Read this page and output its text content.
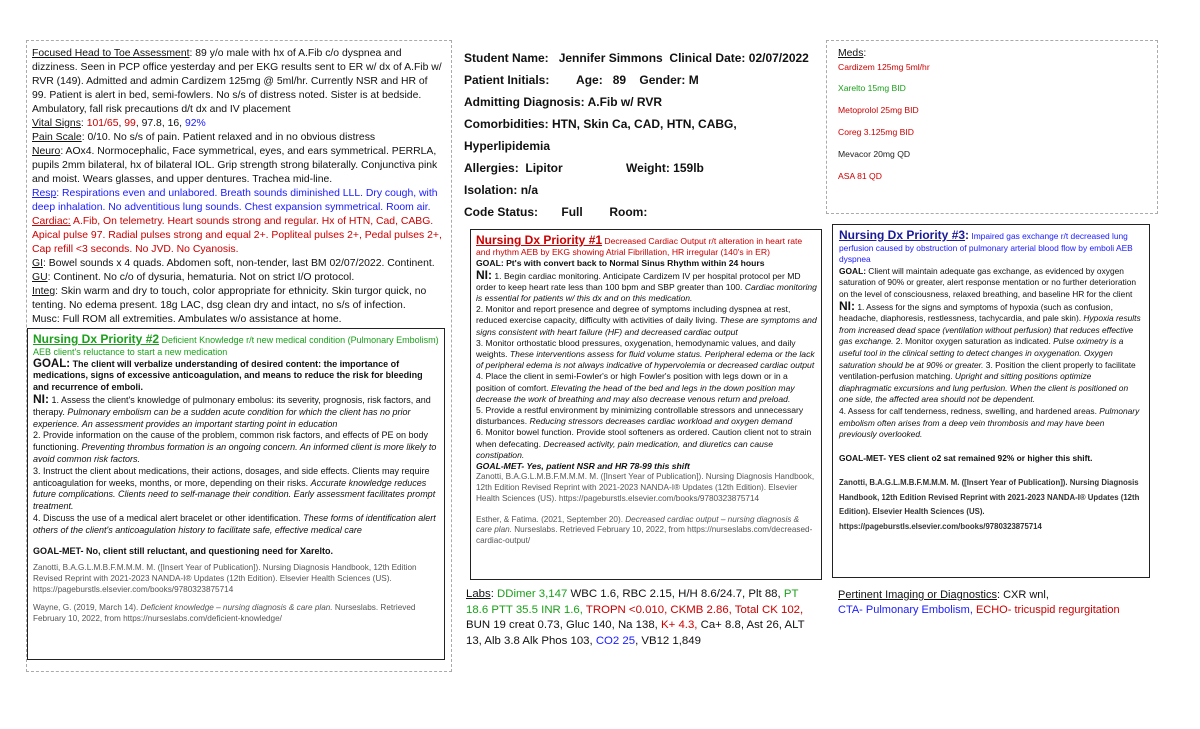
Focused Head to Toe Assessment: 89 y/o male with hx of A.Fib c/o dyspnea and dizziness. Seen in PCP office yesterday and per EKG results sent to ER w/ dx of A.Fib w/ RVR (149). Admitted and admin Cardizem 125mg @ 5ml/hr. Currently NSR and HR of 99. Patient is alert in bed, semi-fowlers. No s/s of distress noted. Sister is at bedside. Ambulatory, fall risk precautions d/t dx and IV placement
Vital Signs: 101/65, 99, 97.8, 16, 92%
Pain Scale: 0/10. No s/s of pain. Patient relaxed and in no obvious distress
Neuro: AOx4. Normocephalic, Face symmetrical, eyes, and ears symmetrical. PERRLA, pupils 2mm bilateral, hx of bilateral IOL. Grip strength strong bilaterally. Conjunctiva pink and moist. Wears glasses, and upper dentures. Trachea mid-line.
Resp: Respirations even and unlabored. Breath sounds diminished LLL. Dry cough, with deep inhalation. No adventitious lung sounds. Chest expansion symmetrical. Room air.
Cardiac: A.Fib, On telemetry. Heart sounds strong and regular. Hx of HTN, Cad, CABG. Apical pulse 97. Radial pulses strong and equal 2+. Popliteal pulses 2+, Pedal pulses 2+, Cap refill <3 seconds. No JVD. No Cyanosis.
GI: Bowel sounds x 4 quads. Abdomen soft, non-tender, last BM 02/07/2022. Continent.
GU: Continent. No c/o of dysuria, hematuria. Not on strict I/O protocol.
Integ: Skin warm and dry to touch, color appropriate for ethnicity. Skin turgor quick, no tenting. No edema present. 18g LAC, dsg clean dry and intact, no s/s of infection.
Musc: Full ROM all extremities. Ambulates w/o assistance at home.
Nursing Dx Priority #2 Deficient Knowledge r/t new medical condition (Pulmonary Embolism) AEB client's reluctance to start a new medication
GOAL: The client will verbalize understanding of desired content: the importance of medications, signs of excessive anticoagulation, and means to reduce the risk for bleeding and recurrence of emboli.
NI: 1. Assess the client's knowledge of pulmonary embolus: its severity, prognosis, risk factors, and therapy. Pulmonary embolism can be a sudden acute condition for which the client has no prior experience. An assessment provides an important starting point in education
2. Provide information on the cause of the problem, common risk factors, and effects of PE on body functioning. Preventing thrombus formation is an ongoing concern. An informed client is more likely to avoid common risk factors.
3. Instruct the client about medications, their actions, dosages, and side effects. Clients may require anticoagulation for weeks, months, or more, depending on their risks. Accurate knowledge reduces future complications. Clients need to self-manage their condition. Early assessment facilitates prompt treatment.
4. Discuss the use of a medical alert bracelet or other identification. These forms of identification alert others of the client's anticoagulation history to facilitate safe, effective medical care

GOAL-MET- No, client still reluctant, and questioning need for Xarelto.
Zanotti, B.A.G.L.M.B.F.M.M.M. M. ([Insert Year of Publication]). Nursing Diagnosis Handbook, 12th Edition Revised Reprint with 2021-2023 NANDA-I® Updates (12th Edition). Elsevier Health Sciences (US). https://pageburstls.elsevier.com/books/9780323875714
Wayne, G. (2019, March 14). Deficient knowledge – nursing diagnosis & care plan. Nurseslabs. Retrieved February 10, 2022, from https://nurseslabs.com/deficient-knowledge/
Student Name: Jennifer Simmons Clinical Date: 02/07/2022
Patient Initials: Age: 89 Gender: M
Admitting Diagnosis: A.Fib w/ RVR
Comorbidities: HTN, Skin Ca, CAD, HTN, CABG, Hyperlipidemia
Allergies: Lipitor	Weight: 159lb
Isolation: n/a
Code Status: Full Room:
Meds:
Cardizem 125mg 5ml/hr
Xarelto 15mg BID
Metoprolol 25mg BID
Coreg 3.125mg BID
Mevacor 20mg QD
ASA 81 QD
Nursing Dx Priority #1 Decreased Cardiac Output r/t alteration in heart rate and rhythm AEB by EKG showing Atrial Fibrillation, HR irregular (140's in ER)
GOAL: Pt's with convert back to Normal Sinus Rhythm within 24 hours
NI: 1. Begin cardiac monitoring. Anticipate Cardizem IV per hospital protocol per MD order to keep heart rate less than 100 bpm and SBP greater than 100. Cardiac monitoring is essential for patients w/ this dx and on this medication.
2. Monitor and report presence and degree of symptoms including dyspnea at rest, reduced exercise capacity, difficulty with activities of daily living. These are symptoms and signs consistent with heart failure (HF) and decreased cardiac output
3. Monitor orthostatic blood pressures, oxygenation, hemodynamic values, and daily weights. These interventions assess for fluid volume status. Peripheral edema or the lack of peripheral edema is not always indicative of hypervolemia or decreased cardiac output
4. Place the client in semi-Fowler's or high Fowler's position with legs down or in a position of comfort. Elevating the head of the bed and legs in the down position may decrease the work of breathing and may also decrease venous return and preload.
5. Provide a restful environment by minimizing controllable stressors and unnecessary disturbances. Reducing stressors decreases cardiac workload and oxygen demand
6. Monitor bowel function. Provide stool softeners as ordered. Caution client not to strain when defecating. Decreased activity, pain medication, and diuretics can cause constipation.
GOAL-MET- Yes, patient NSR and HR 78-99 this shift
Zanotti, B.A.G.L.M.B.F.M.M.M. M. ([Insert Year of Publication]). Nursing Diagnosis Handbook, 12th Edition Revised Reprint with 2021-2023 NANDA-I® Updates (12th Edition). Elsevier Health Sciences (US). https://pageburstls.elsevier.com/books/9780323875714
Esther, & Fatima. (2021, September 20). Decreased cardiac output – nursing diagnosis & care plan. Nurseslabs. Retrieved February 10, 2022, from https://nurseslabs.com/decreased-cardiac-output/
Nursing Dx Priority #3: Impaired gas exchange r/t decreased lung perfusion caused by obstruction of pulmonary arterial blood flow by emboli AEB dyspnea
GOAL: Client will maintain adequate gas exchange, as evidenced by oxygen saturation of 90% or greater, alert response mentation or no further deterioration on the level of consciousness, relaxed breathing, and baseline HR for the client
NI: 1. Assess for the signs and symptoms of hypoxia (such as confusion, headache, diaphoresis, restlessness, tachycardia, and pale skin). Hypoxia results from increased dead space (ventilation without perfusion) that reduces effective gas exchange. 2. Monitor oxygen saturation as indicated. Pulse oximetry is a useful tool in the clinical setting to detect changes in oxygenation. Oxygen saturation should be at 90% or greater. 3. Position the client properly to facilitate ventilation-perfusion matching. Upright and sitting positions optimize diaphragmatic excursions and lung perfusion. When the client is positioned on one side, the affected area should not be dependent.
4. Assess for calf tenderness, redness, swelling, and hardened areas. Pulmonary embolism often arises from a deep vein thrombosis and may have been previously overlooked.
GOAL-MET- YES client o2 sat remained 92% or higher this shift.
Zanotti, B.A.G.L.M.B.F.M.M.M. M. ([Insert Year of Publication]). Nursing Diagnosis Handbook, 12th Edition Revised Reprint with 2021-2023 NANDA-I® Updates (12th Edition). Elsevier Health Sciences (US). https://pageburstls.elsevier.com/books/9780323875714
Labs: DDimer 3,147 WBC 1.6, RBC 2.15, H/H 8.6/24.7, Plt 88, PT 18.6 PTT 35.5 INR 1.6, TROPN <0.010, CKMB 2.86, Total CK 102, BUN 19 creat 0.73, Gluc 140, Na 138, K+ 4.3, Ca+ 8.8, Ast 26, ALT 13, Alb 3.8 Alk Phos 103, CO2 25, VB12 1,849
Pertinent Imaging or Diagnostics: CXR wnl,
CTA- Pulmonary Embolism, ECHO- tricuspid regurgitation
